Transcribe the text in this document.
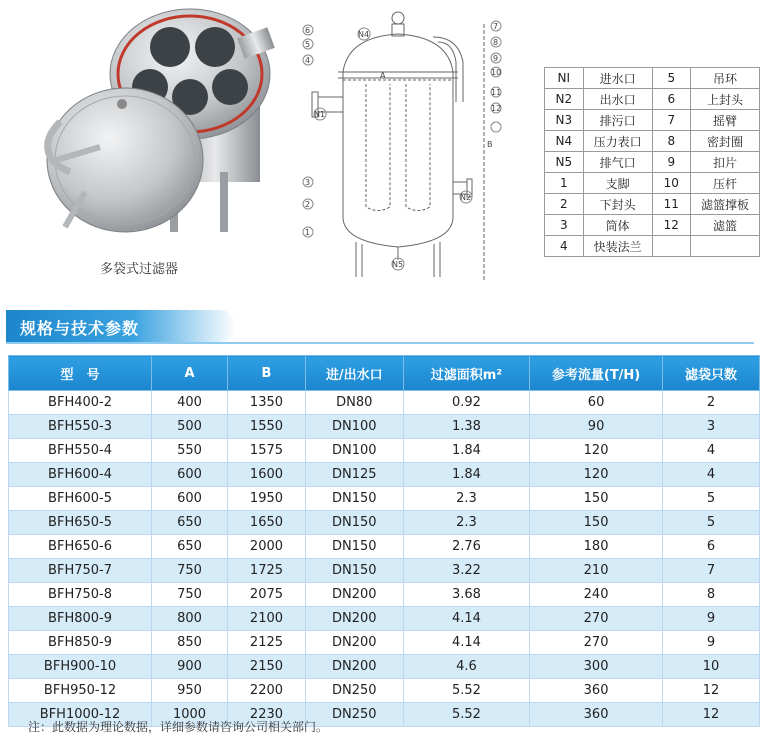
多袋式过滤器
6
5
4
3
2
1
7
8
9
10
11
12
B
A
N4
N1
N2
N5
NI	进水口	5	吊环
N2	出水口	6	上封头
N3	排污口	7	摇臂
N4	压力表口	8	密封圈
N5	排气口	9	扣片
1	支脚	10	压杆
2	下封头	11	滤篮撑板
3	筒体	12	滤篮
4	快装法兰		
规格与技术参数
型　号	A	B	进/出水口	过滤面积m²	参考流量(T/H)	滤袋只数
BFH400-2	400	1350	DN80	0.92	60	2
BFH550-3	500	1550	DN100	1.38	90	3
BFH550-4	550	1575	DN100	1.84	120	4
BFH600-4	600	1600	DN125	1.84	120	4
BFH600-5	600	1950	DN150	2.3	150	5
BFH650-5	650	1650	DN150	2.3	150	5
BFH650-6	650	2000	DN150	2.76	180	6
BFH750-7	750	1725	DN150	3.22	210	7
BFH750-8	750	2075	DN200	3.68	240	8
BFH800-9	800	2100	DN200	4.14	270	9
BFH850-9	850	2125	DN200	4.14	270	9
BFH900-10	900	2150	DN200	4.6	300	10
BFH950-12	950	2200	DN250	5.52	360	12
BFH1000-12	1000	2230	DN250	5.52	360	12
注：此数据为理论数据，详细参数请咨询公司相关部门。
